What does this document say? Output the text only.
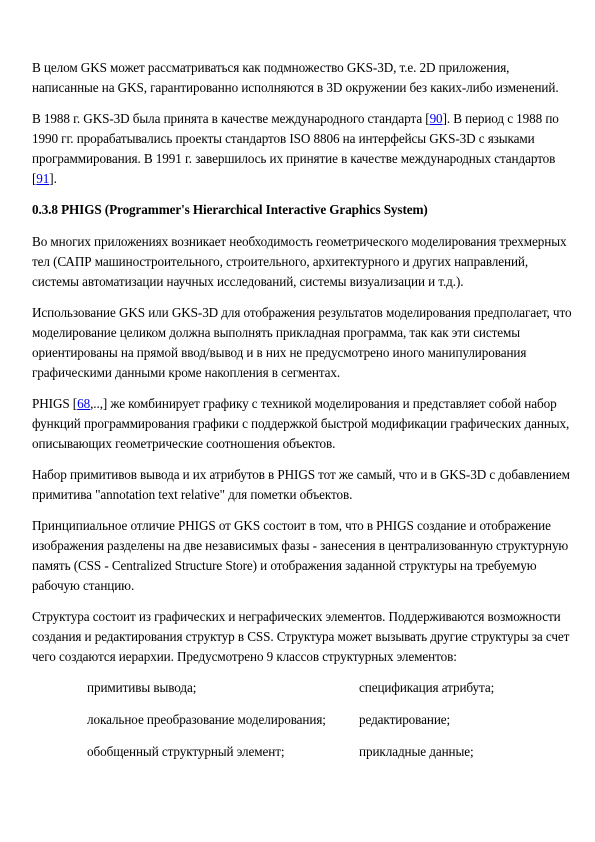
В целом GKS может рассматриваться как подмножество GKS-3D, т.е. 2D приложения, написанные на GKS, гарантированно исполняются в 3D окружении без каких-либо изменений.

В 1988 г. GKS-3D была принята в качестве международного стандарта [90]. В период с 1988 по 1990 гг. прорабатывались проекты стандартов ISO 8806 на интерфейсы GKS-3D с языками программирования. В 1991 г. завершилось их принятие в качестве международных стандартов [91].

0.3.8 PHIGS (Programmer's Hierarchical Interactive Graphics System)

Во многих приложениях возникает необходимость геометрического моделирования трехмерных тел (САПР машиностроительного, строительного, архитектурного и других направлений, системы автоматизации научных исследований, системы визуализации и т.д.).

Использование GKS или GKS-3D для отображения результатов моделирования предполагает, что моделирование целиком должна выполнять прикладная программа, так как эти системы ориентированы на прямой ввод/вывод и в них не предусмотрено иного манипулирования графическими данными кроме накопления в сегментах.

PHIGS [68,..,] же комбинирует графику с техникой моделирования и представляет собой набор функций программирования графики с поддержкой быстрой модификации графических данных, описывающих геометрические соотношения объектов.

Набор примитивов вывода и их атрибутов в PHIGS тот же самый, что и в GKS-3D с добавлением примитива "annotation text relative" для пометки объектов.

Принципиальное отличие PHIGS от GKS состоит в том, что в PHIGS создание и отображение изображения разделены на две независимых фазы - занесения в централизованную структурную память (CSS - Centralized Structure Store) и отображения заданной структуры на требуемую рабочую станцию.

Структура состоит из графических и неграфических элементов. Поддерживаются возможности создания и редактирования структур в CSS. Структура может вызывать другие структуры за счет чего создаются иерархии. Предусмотрено 9 классов структурных элементов:

примитивы вывода;	спецификация атрибута;
локальное преобразование моделирования;	редактирование;
обобщенный структурный элемент;	прикладные данные;
